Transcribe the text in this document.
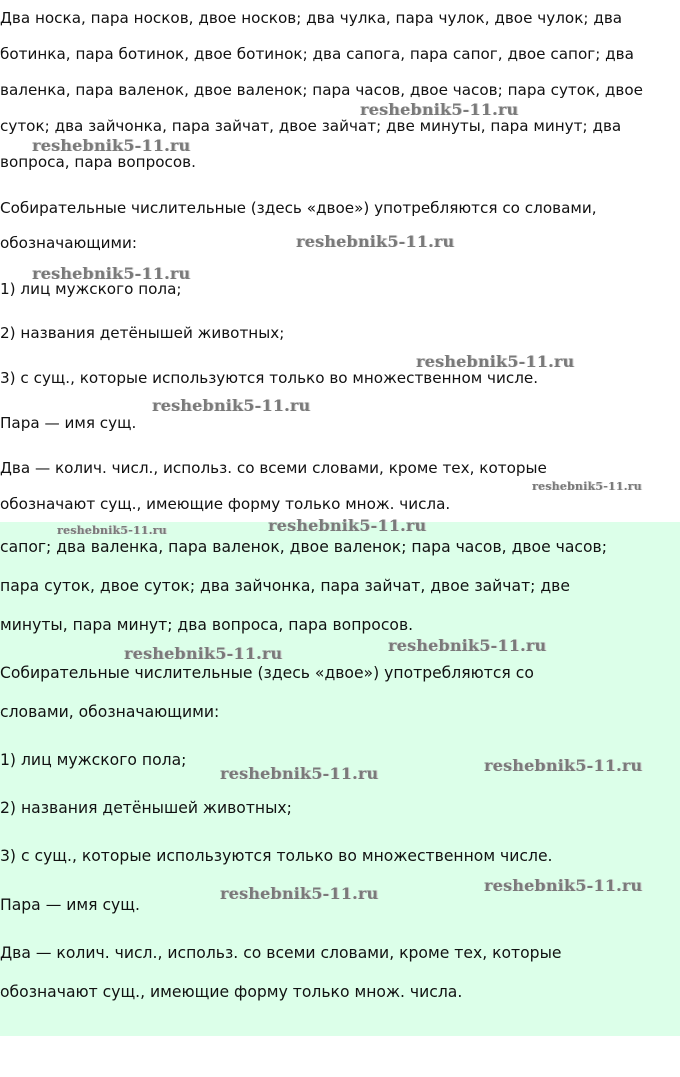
Два носка, пара носков, двое носков; два чулка, пара чулок, двое чулок; два

ботинка, пара ботинок, двое ботинок; два сапога, пара сапог, двое сапог; два

валенка, пара валенок, двое валенок; пара часов, двое часов; пара суток, двое

суток; два зайчонка, пара зайчат, двое зайчат; две минуты, пара минут; два

вопроса, пара вопросов.

Собирательные числительные (здесь «двое») употребляются со словами,

обозначающими:

1) лиц мужского пола;

2) названия детёнышей животных;

3) с сущ., которые используются только во множественном числе.

Пара — имя сущ.

Два — колич. числ., использ. со всеми словами, кроме тех, которые

обозначают сущ., имеющие форму только множ. числа.

сапог; два валенка, пара валенок, двое валенок; пара часов, двое часов;

пара суток, двое суток; два зайчонка, пара зайчат, двое зайчат; две

минуты, пара минут; два вопроса, пара вопросов.

Собирательные числительные (здесь «двое») употребляются со

словами, обозначающими:

1) лиц мужского пола;

2) названия детёнышей животных;

3) с сущ., которые используются только во множественном числе.

Пара — имя сущ.

Два — колич. числ., использ. со всеми словами, кроме тех, которые

обозначают сущ., имеющие форму только множ. числа.

reshebnik5-11.ru
reshebnik5-11.ru
reshebnik5-11.ru
reshebnik5-11.ru
reshebnik5-11.ru
reshebnik5-11.ru
reshebnik5-11.ru
reshebnik5-11.ru	reshebnik5-11.ru
reshebnik5-11.ru
reshebnik5-11.ru
reshebnik5-11.ru
reshebnik5-11.ru
reshebnik5-11.ru
reshebnik5-11.ru
